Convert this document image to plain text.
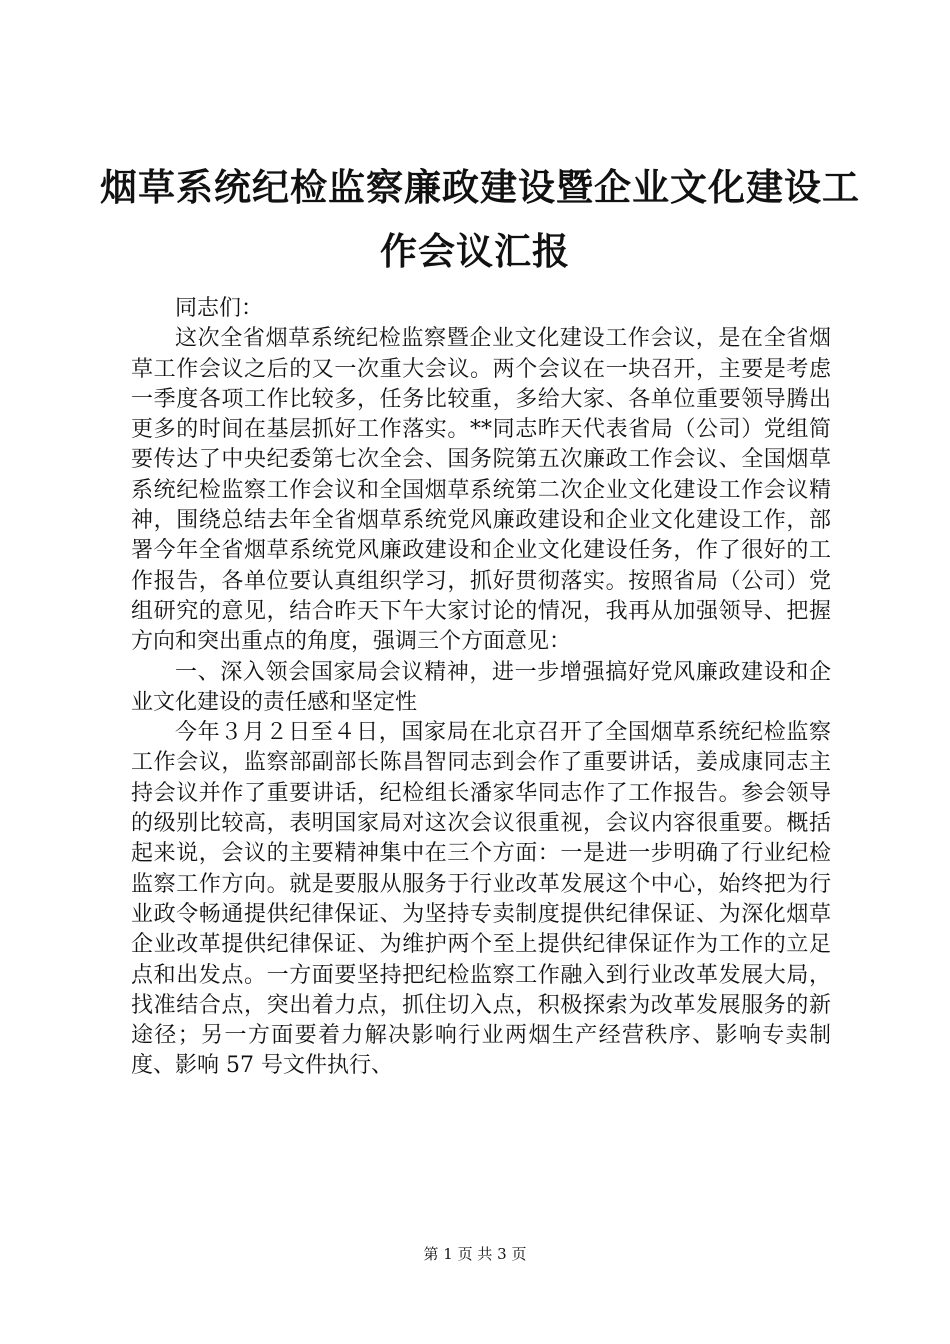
烟草系统纪检监察廉政建设暨企业文化建设工
作会议汇报

同志们：

这次全省烟草系统纪检监察暨企业文化建设工作会议，是在全省烟草工作会议之后的又一次重大会议。两个会议在一块召开，主要是考虑一季度各项工作比较多，任务比较重，多给大家、各单位重要领导腾出更多的时间在基层抓好工作落实。**同志昨天代表省局（公司）党组简要传达了中央纪委第七次全会、国务院第五次廉政工作会议、全国烟草系统纪检监察工作会议和全国烟草系统第二次企业文化建设工作会议精神，围绕总结去年全省烟草系统党风廉政建设和企业文化建设工作，部署今年全省烟草系统党风廉政建设和企业文化建设任务，作了很好的工作报告，各单位要认真组织学习，抓好贯彻落实。按照省局（公司）党组研究的意见，结合昨天下午大家讨论的情况，我再从加强领导、把握方向和突出重点的角度，强调三个方面意见：

一、深入领会国家局会议精神，进一步增强搞好党风廉政建设和企业文化建设的责任感和坚定性

今年３月２日至４日，国家局在北京召开了全国烟草系统纪检监察工作会议，监察部副部长陈昌智同志到会作了重要讲话，姜成康同志主持会议并作了重要讲话，纪检组长潘家华同志作了工作报告。参会领导的级别比较高，表明国家局对这次会议很重视，会议内容很重要。概括起来说，会议的主要精神集中在三个方面：一是进一步明确了行业纪检监察工作方向。就是要服从服务于行业改革发展这个中心，始终把为行业政令畅通提供纪律保证、为坚持专卖制度提供纪律保证、为深化烟草企业改革提供纪律保证、为维护两个至上提供纪律保证作为工作的立足点和出发点。一方面要坚持把纪检监察工作融入到行业改革发展大局，找准结合点，突出着力点，抓住切入点，积极探索为改革发展服务的新途径；另一方面要着力解决影响行业两烟生产经营秩序、影响专卖制度、影响 57 号文件执行、

第 1 页 共 3 页
